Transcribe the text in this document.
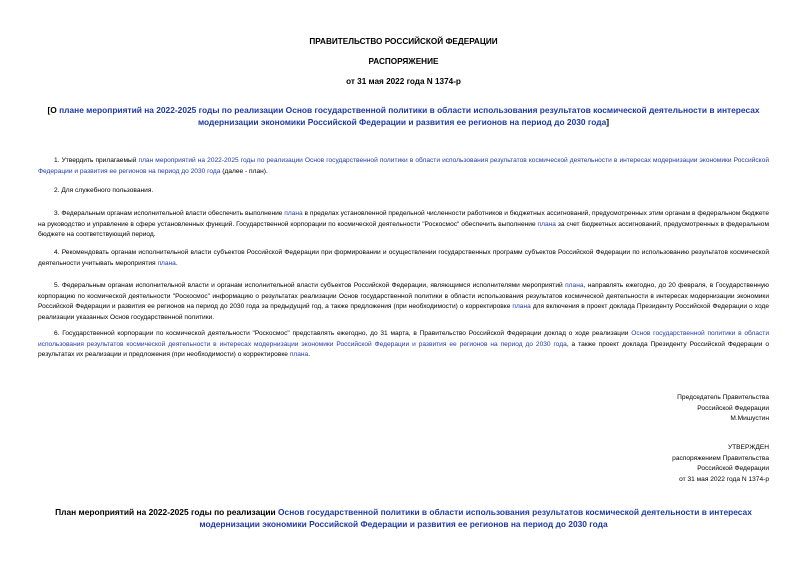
ПРАВИТЕЛЬСТВО РОССИЙСКОЙ ФЕДЕРАЦИИ
РАСПОРЯЖЕНИЕ
от 31 мая 2022 года N 1374-р
[О плане мероприятий на 2022-2025 годы по реализации Основ государственной политики в области использования результатов космической деятельности в интересах модернизации экономики Российской Федерации и развития ее регионов на период до 2030 года]

1. Утвердить прилагаемый план мероприятий на 2022-2025 годы по реализации Основ государственной политики в области использования результатов космической деятельности в интересах модернизации экономики Российской Федерации и развития ее регионов на период до 2030 года (далее - план).

2. Для служебного пользования.

3. Федеральным органам исполнительной власти обеспечить выполнение плана в пределах установленной предельной численности работников и бюджетных ассигнований, предусмотренных этим органам в федеральном бюджете на руководство и управление в сфере установленных функций. Государственной корпорации по космической деятельности "Роскосмос" обеспечить выполнение плана за счет бюджетных ассигнований, предусмотренных в федеральном бюджете на соответствующий период.

4. Рекомендовать органам исполнительной власти субъектов Российской Федерации при формировании и осуществлении государственных программ субъектов Российской Федерации по использованию результатов космической деятельности учитывать мероприятия плана.

5. Федеральным органам исполнительной власти и органам исполнительной власти субъектов Российской Федерации, являющимся исполнителями мероприятий плана, направлять ежегодно, до 20 февраля, в Государственную корпорацию по космической деятельности "Роскосмос" информацию о результатах реализации Основ государственной политики в области использования результатов космической деятельности в интересах модернизации экономики Российской Федерации и развития ее регионов на период до 2030 года за предыдущий год, а также предложения (при необходимости) о корректировке плана для включения в проект доклада Президенту Российской Федерации о ходе реализации указанных Основ государственной политики.

6. Государственной корпорации по космической деятельности "Роскосмос" представлять ежегодно, до 31 марта, в Правительство Российской Федерации доклад о ходе реализации Основ государственной политики в области использования результатов космической деятельности в интересах модернизации экономики Российской Федерации и развития ее регионов на период до 2030 года, а также проект доклада Президенту Российской Федерации о результатах их реализации и предложения (при необходимости) о корректировке плана.

Председатель Правительства
Российской Федерации
М.Мишустин
УТВЕРЖДЕН
распоряжением Правительства
Российской Федерации
от 31 мая 2022 года N 1374-р
План мероприятий на 2022-2025 годы по реализации Основ государственной политики в области использования результатов космической деятельности в интересах модернизации экономики Российской Федерации и развития ее регионов на период до 2030 года
